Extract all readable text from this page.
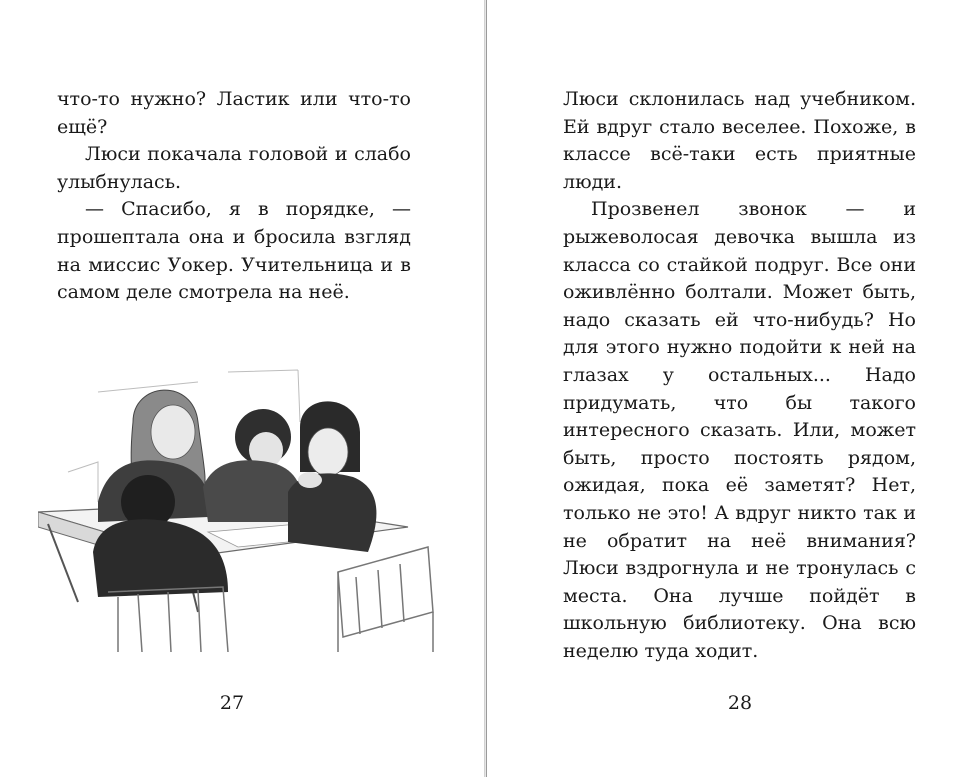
что-то нужно? Ластик или что-то ещё?

Люси покачала головой и слабо улыбнулась.

— Спасибо, я в порядке, — прошептала она и бросила взгляд на миссис Уокер. Учительница и в самом деле смотрела на неё.

27

Люси склонилась над учебником. Ей вдруг стало веселее. Похоже, в классе всё-таки есть приятные люди.

Прозвенел звонок — и рыжеволосая девочка вышла из класса со стайкой подруг. Все они оживлённо болтали. Может быть, надо сказать ей что-нибудь? Но для этого нужно подойти к ней на глазах у остальных... Надо придумать, что бы такого интересного сказать. Или, может быть, просто постоять рядом, ожидая, пока её заметят? Нет, только не это! А вдруг никто так и не обратит на неё внимания? Люси вздрогнула и не тронулась с места. Она лучше пойдёт в школьную библиотеку. Она всю неделю туда ходит.

28
